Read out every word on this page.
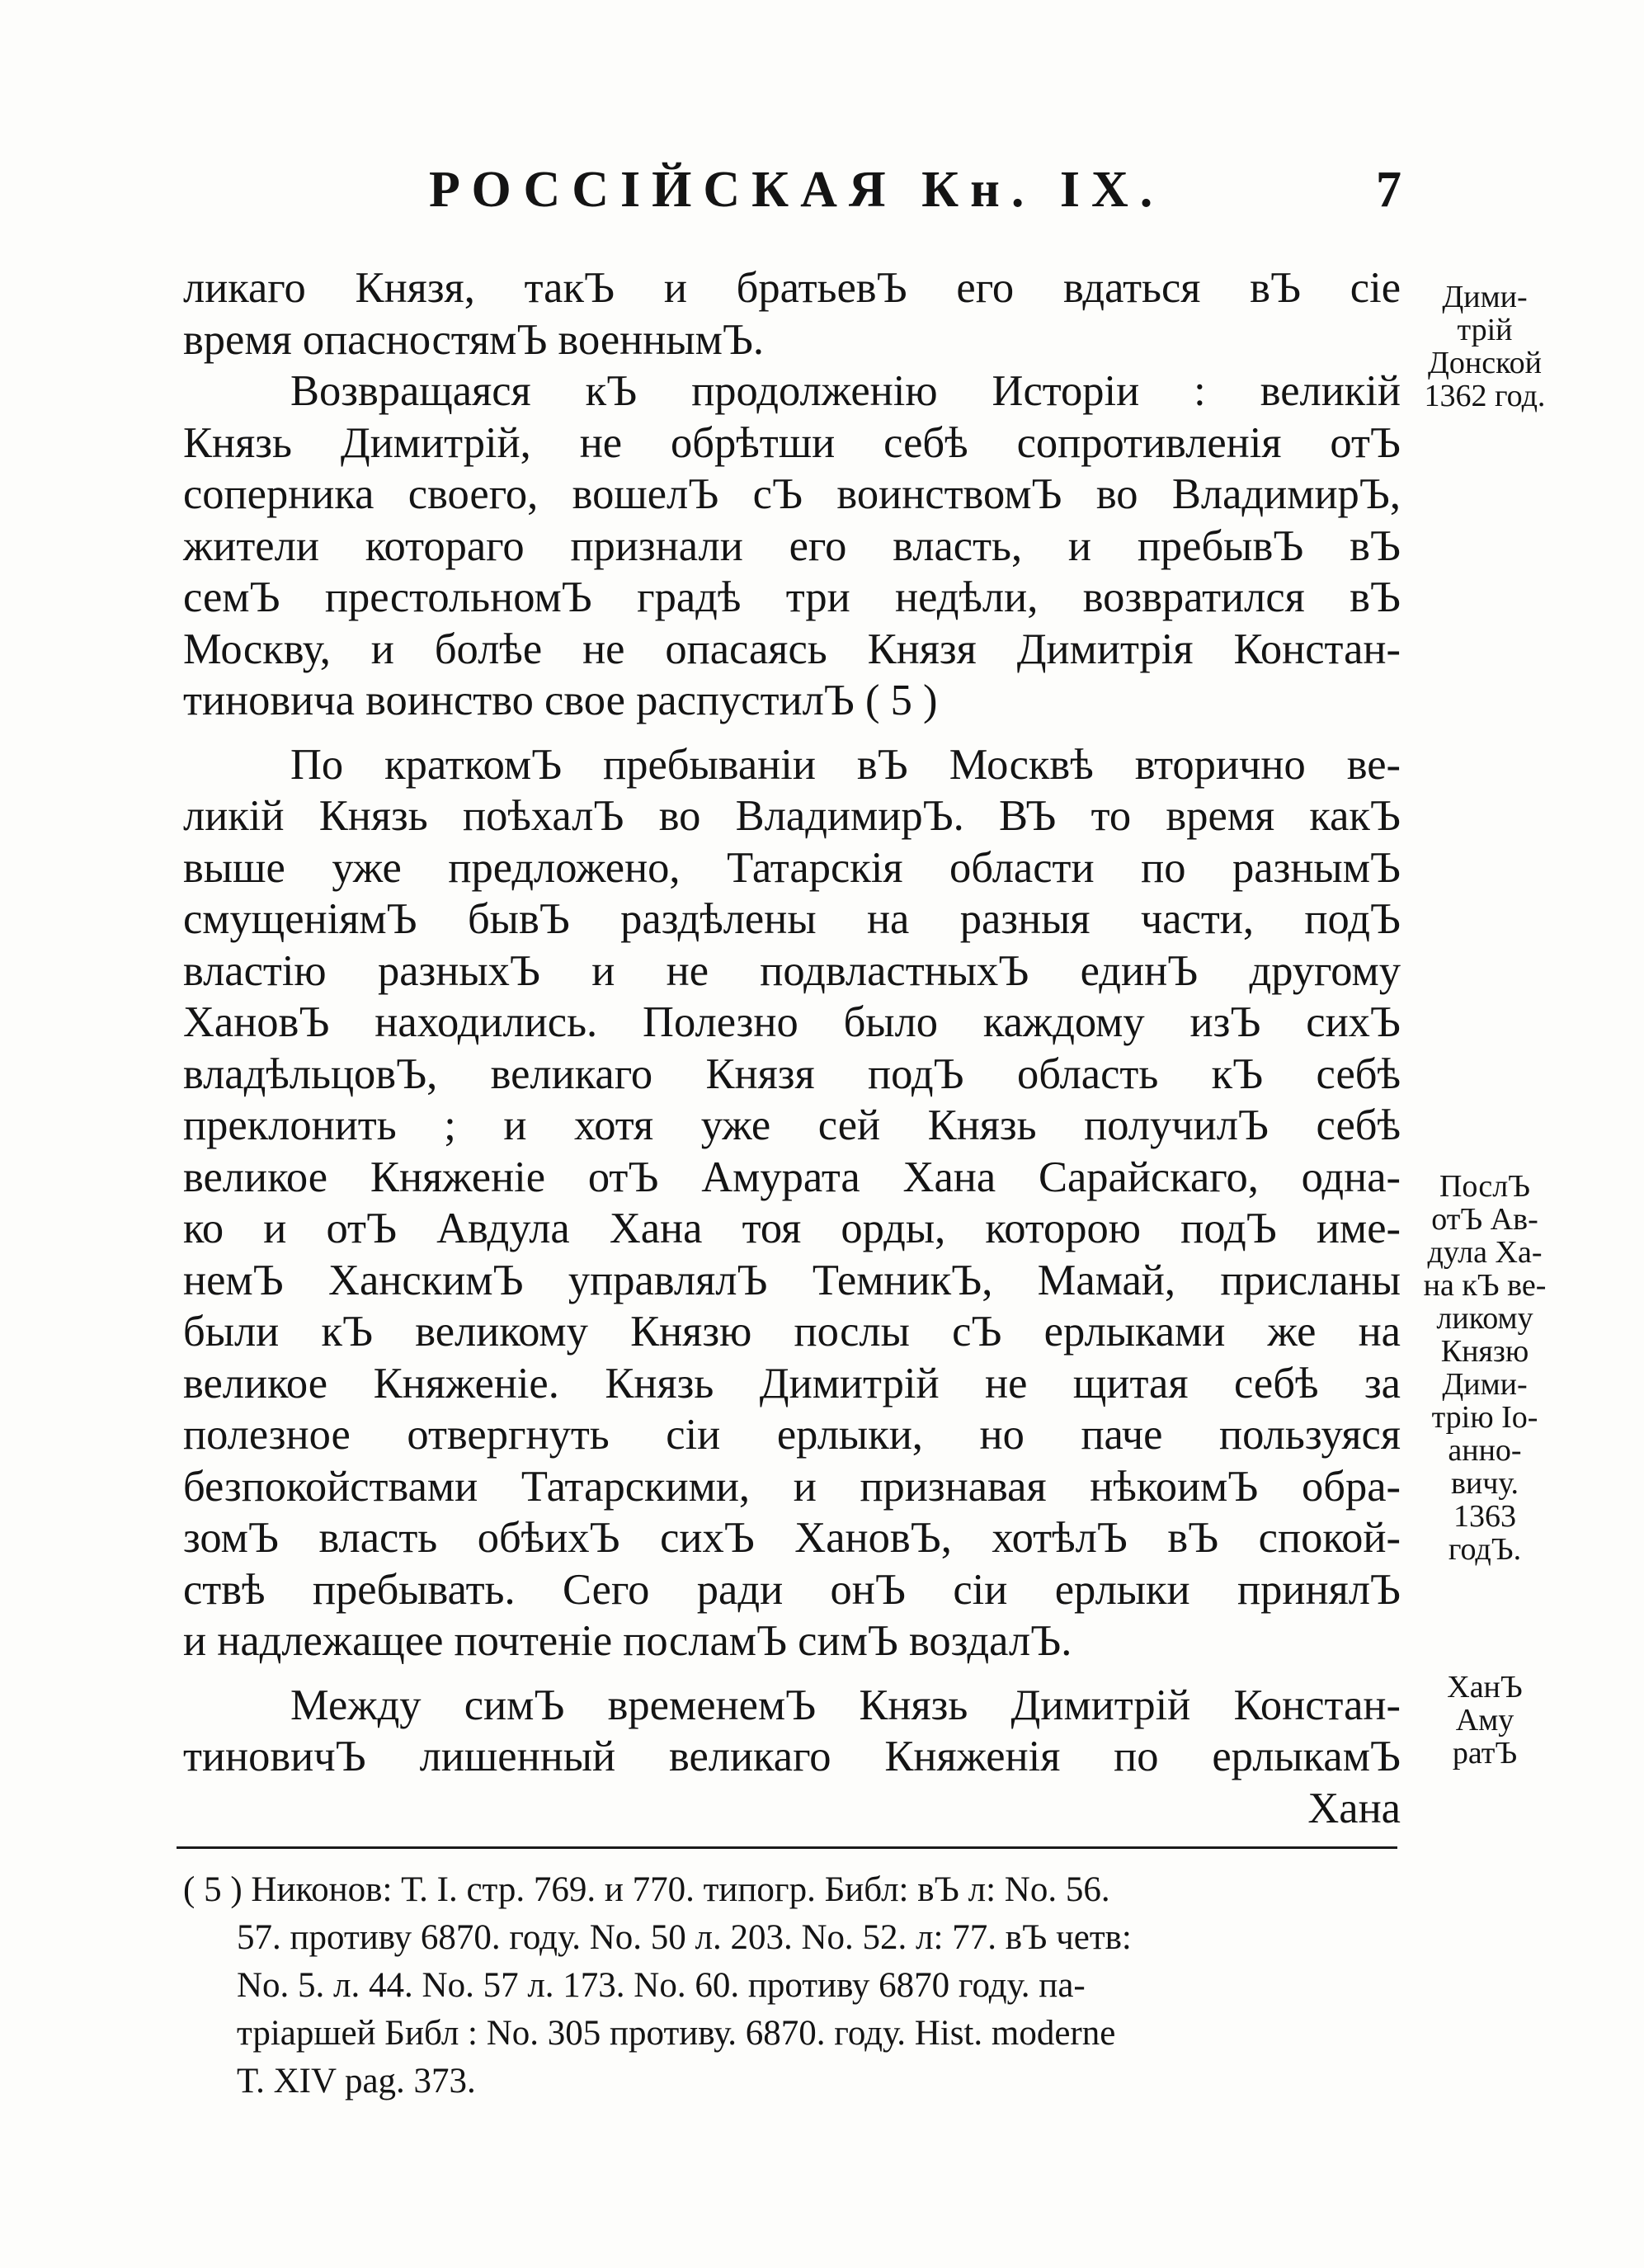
РОССІЙСКАЯ Кн. IX.	7
ликаго Князя, такЪ и братьевЪ его вдаться вЪ сіе
время опасностямЪ военнымЪ.
Возвращаяся кЪ продолженію Исторіи : великій
Князь Димитрій, не обрѣтши себѣ сопротивленія отЪ
соперника своего, вошелЪ сЪ воинствомЪ во ВладимирЪ,
жители котораго признали его власть, и пребывЪ вЪ
семЪ престольномЪ градѣ три недѣли, возвратился вЪ
Москву, и болѣе не опасаясь Князя Димитрія Констан-
тиновича воинство свое распустилЪ ( 5 )
По краткомЪ пребываніи вЪ Москвѣ вторично ве-
ликій Князь поѣхалЪ во ВладимирЪ. ВЪ то время какЪ
выше уже предложено, Татарскія области по разнымЪ
смущеніямЪ бывЪ раздѣлены на разныя части, подЪ
властію разныхЪ и не подвластныхЪ единЪ другому
ХановЪ находились. Полезно было каждому изЪ сихЪ
владѣльцовЪ, великаго Князя подЪ область кЪ себѣ
преклонить ; и хотя уже сей Князь получилЪ себѣ
великое Княженіе отЪ Амурата Хана Сарайскаго, одна-
ко и отЪ Авдула Хана тоя орды, которою подЪ име-
немЪ ХанскимЪ управлялЪ ТемникЪ, Мамай, присланы
были кЪ великому Князю послы сЪ ерлыками же на
великое Княженіе. Князь Димитрій не щитая себѣ за
полезное отвергнуть сіи ерлыки, но паче пользуяся
безпокойствами Татарскими, и признавая нѣкоимЪ обра-
зомЪ власть обѣихЪ сихЪ ХановЪ, хотѣлЪ вЪ спокой-
ствѣ пребывать. Сего ради онЪ сіи ерлыки принялЪ
и надлежащее почтеніе посламЪ симЪ воздалЪ.
Между симЪ временемЪ Князь Димитрій Констан-
тиновичЪ лишенный великаго Княженія по ерлыкамЪ
Хана
Дими-
трій
Донской
1362 год.
ПослЪ
отЪ Ав-
дула Ха-
на кЪ ве-
ликому
Князю
Дими-
трію Іо-
анно-
вичу.
1363
годЪ.
ХанЪ
Аму
ратЪ
( 5 ) Никонов: Т. I. стр. 769. и 770. типогр. Библ: вЪ л: No. 56.
57. противу 6870. году. No. 50 л. 203. No. 52. л: 77. вЪ четв:
No. 5. л. 44. No. 57 л. 173. No. 60. противу 6870 году. па-
тріаршей Библ : No. 305 противу. 6870. году. Hist. moderne
T. XIV pag. 373.
